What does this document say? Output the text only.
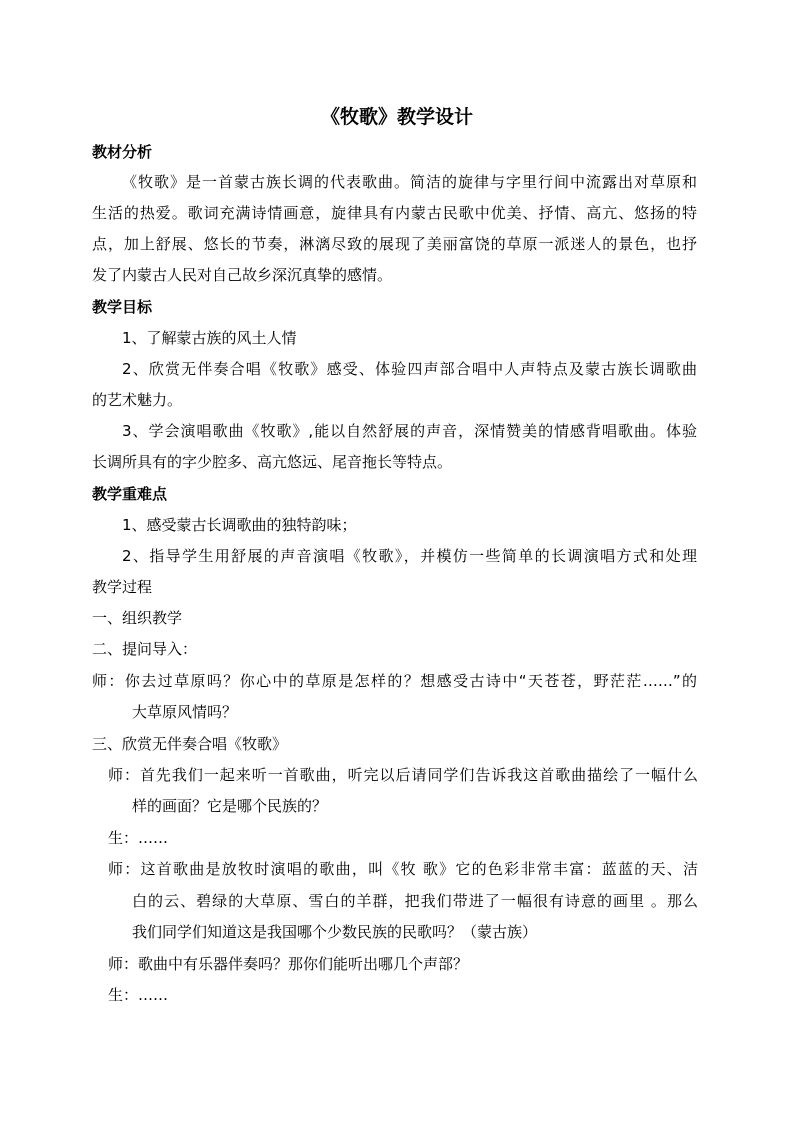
《牧歌》教学设计
教材分析
《牧歌》是一首蒙古族长调的代表歌曲。简洁的旋律与字里行间中流露出对草原和
生活的热爱。歌词充满诗情画意，旋律具有内蒙古民歌中优美、抒情、高亢、悠扬的特
点，加上舒展、悠长的节奏，淋漓尽致的展现了美丽富饶的草原一派迷人的景色，也抒
发了内蒙古人民对自己故乡深沉真挚的感情。
教学目标
1、了解蒙古族的风土人情
2、欣赏无伴奏合唱《牧歌》感受、体验四声部合唱中人声特点及蒙古族长调歌曲
的艺术魅力。
3、学会演唱歌曲《牧歌》,能以自然舒展的声音，深情赞美的情感背唱歌曲。体验
长调所具有的字少腔多、高亢悠远、尾音拖长等特点。
教学重难点
1、感受蒙古长调歌曲的独特韵味；
2、指导学生用舒展的声音演唱《牧歌》，并模仿一些简单的长调演唱方式和处理
教学过程
一、组织教学
二、提问导入：
师：你去过草原吗？你心中的草原是怎样的？想感受古诗中“天苍苍，野茫茫……”的
大草原风情吗？
三、欣赏无伴奏合唱《牧歌》
师：首先我们一起来听一首歌曲，听完以后请同学们告诉我这首歌曲描绘了一幅什么
样的画面？它是哪个民族的？
生：……
师：这首歌曲是放牧时演唱的歌曲，叫《牧 歌》它的色彩非常丰富：蓝蓝的天、洁
白的云、碧绿的大草原、雪白的羊群，把我们带进了一幅很有诗意的画里 。那么
我们同学们知道这是我国哪个少数民族的民歌吗？（蒙古族）
师：歌曲中有乐器伴奏吗？那你们能听出哪几个声部？
生：……
